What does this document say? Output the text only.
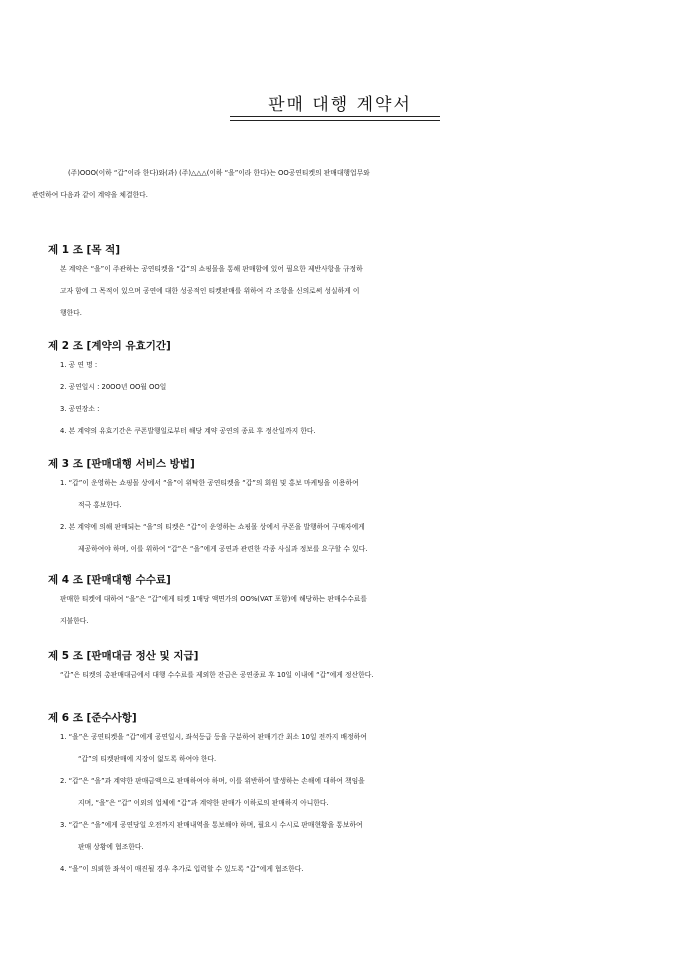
판매 대행 계약서

(주)OOO(이하 “갑”이라 한다)와(과) (주)△△△(이하 “을”이라 한다)는 OO공연티켓의 판매대행업무와

관련하여 다음과 같이 계약을 체결한다.

제 1 조 [목 적]

본 계약은 “을”이 주관하는 공연티켓을 “갑”의 쇼핑몰을 통해 판매함에 있어 필요한 제반사항을 규정하

고자 함에 그 목적이 있으며 공연에 대한 성공적인 티켓판매를 위하여 각 조항을 신의로써 성실하게 이

행한다.

제 2 조 [계약의 유효기간]

1. 공 연 명 :

2. 공연일시 : 20OO년 OO월 OO일

3. 공연장소 :

4. 본 계약의 유효기간은 쿠폰발행일로부터 해당 계약 공연의 종료 후 정산일까지 한다.

제 3 조 [판매대행 서비스 방법]

1. “갑”이 운영하는 쇼핑몰 상에서 “을”이 위탁한 공연티켓을 “갑”의 회원 및 홍보 마케팅을 이용하여

적극 홍보한다.

2. 본 계약에 의해 판매되는 “을”의 티켓은 “갑”이 운영하는 쇼핑몰 상에서 쿠폰을 발행하여 구매자에게

제공하여야 하며, 이를 위하여 “갑”은 “을”에게 공연과 관련한 각종 사실과 정보를 요구할 수 있다.

제 4 조 [판매대행 수수료]

판매한 티켓에 대하여 “을”은 “갑”에게 티켓 1매당 액면가의 OO%(VAT 포함)에 해당하는 판매수수료를

지불한다.

제 5 조 [판매대금 정산 및 지급]

“갑”은 티켓의 총판매대금에서 대행 수수료를 제외한 잔금은 공연종료 후 10일 이내에 “갑”에게 정산한다.

제 6 조 [준수사항]

1. “을”은 공연티켓을 “갑”에게 공연일시, 좌석등급 등을 구분하여 판매기간 최소 10일 전까지 배정하여

“갑”의 티켓판매에 지장이 없도록 하여야 한다.

2. “갑”은 “을”과 계약한 판매금액으로 판매하여야 하며, 이를 위반하여 발생하는 손해에 대하여 책임을

지며, “을”은 “갑” 이외의 업체에 “갑”과 계약한 판매가 이하로의 판매하지 아니한다.

3. “갑”은 “을”에게 공연당일 오전까지 판매내역을 통보해야 하며, 필요시 수시로 판매현황을 통보하여

판매 상황에 협조한다.

4. “을”이 의뢰한 좌석이 매진될 경우 추가로 입력할 수 있도록 “갑”에게 협조한다.
